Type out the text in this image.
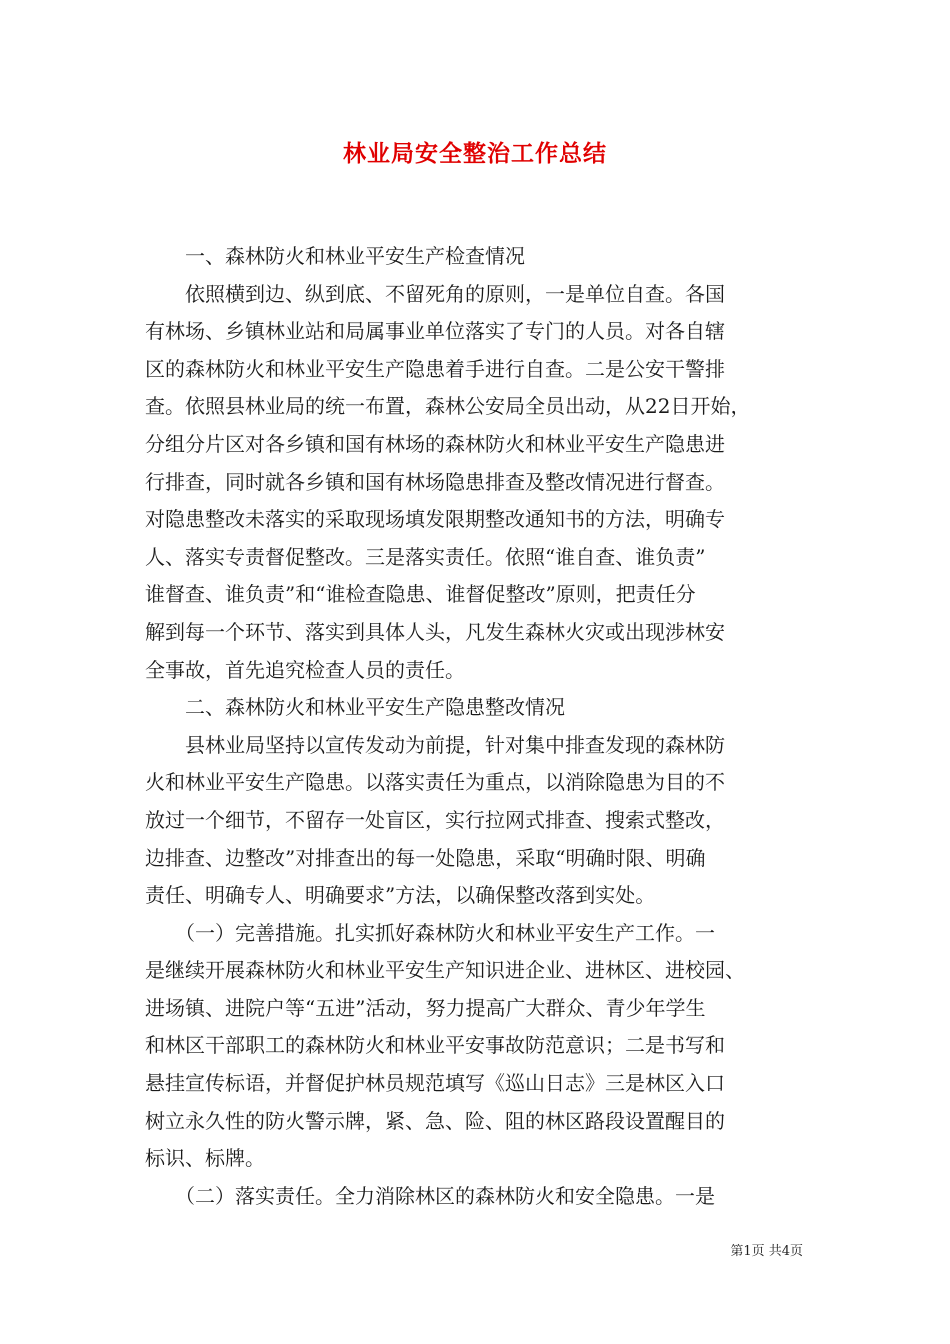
林业局安全整治工作总结
　　一、森林防火和林业平安生产检查情况
　　依照横到边、纵到底、不留死角的原则，一是单位自查。各国
有林场、乡镇林业站和局属事业单位落实了专门的人员。对各自辖
区的森林防火和林业平安生产隐患着手进行自查。二是公安干警排
查。依照县林业局的统一布置，森林公安局全员出动，从22日开始，
分组分片区对各乡镇和国有林场的森林防火和林业平安生产隐患进
行排查，同时就各乡镇和国有林场隐患排查及整改情况进行督查。
对隐患整改未落实的采取现场填发限期整改通知书的方法，明确专
人、落实专责督促整改。三是落实责任。依照“谁自查、谁负责”
谁督查、谁负责”和“谁检查隐患、谁督促整改”原则，把责任分
解到每一个环节、落实到具体人头，凡发生森林火灾或出现涉林安
全事故，首先追究检查人员的责任。
　　二、森林防火和林业平安生产隐患整改情况
　　县林业局坚持以宣传发动为前提，针对集中排查发现的森林防
火和林业平安生产隐患。以落实责任为重点，以消除隐患为目的不
放过一个细节，不留存一处盲区，实行拉网式排查、搜索式整改，
边排查、边整改”对排查出的每一处隐患，采取“明确时限、明确
责任、明确专人、明确要求”方法，以确保整改落到实处。
　　（一）完善措施。扎实抓好森林防火和林业平安生产工作。一
是继续开展森林防火和林业平安生产知识进企业、进林区、进校园、
进场镇、进院户等“五进”活动，努力提高广大群众、青少年学生
和林区干部职工的森林防火和林业平安事故防范意识；二是书写和
悬挂宣传标语，并督促护林员规范填写《巡山日志》三是林区入口
树立永久性的防火警示牌，紧、急、险、阻的林区路段设置醒目的
标识、标牌。
　　（二）落实责任。全力消除林区的森林防火和安全隐患。一是
第1页 共4页
